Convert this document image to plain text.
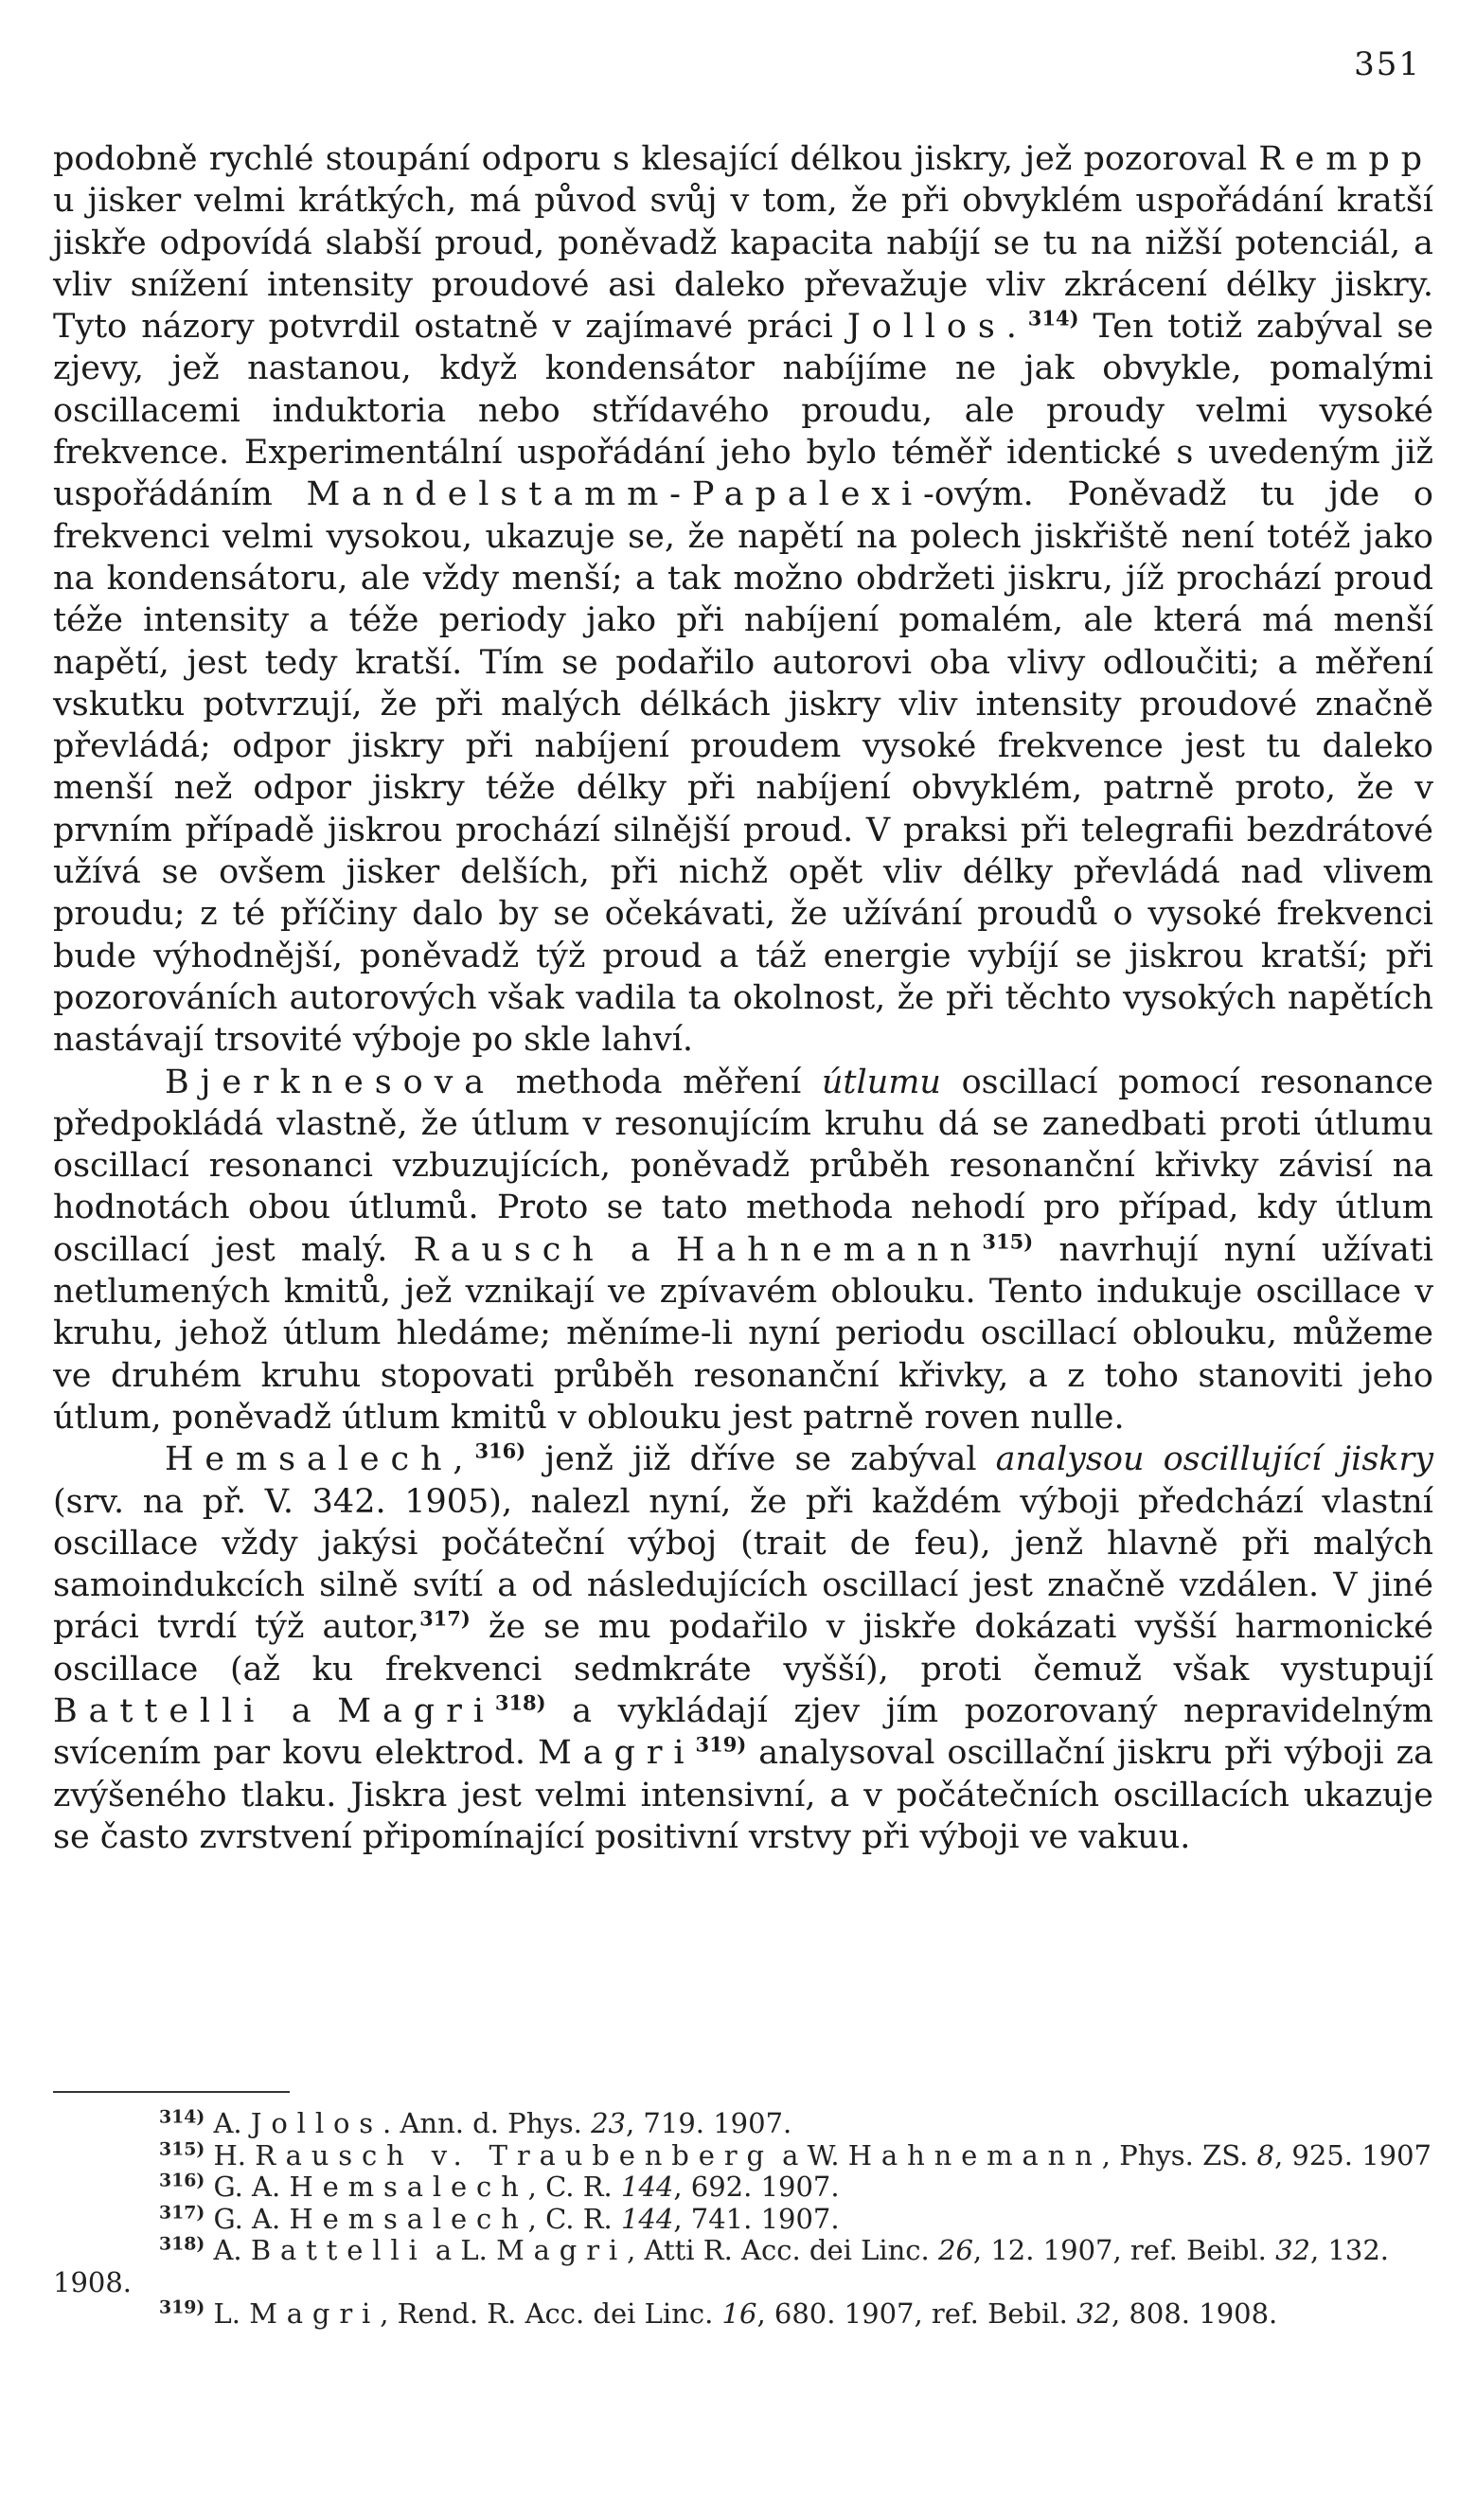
351

podobně rychlé stoupání odporu s klesající délkou jiskry, jež pozoroval Rempp u jisker velmi krátkých, má původ svůj v tom, že při obvyklém uspořádání kratší jiskře odpovídá slabší proud, poněvadž kapacita nabíjí se tu na nižší potenciál, a vliv snížení intensity proudové asi daleko převažuje vliv zkrácení délky jiskry. Tyto názory potvrdil ostatně v zajímavé práci Jollos.$^{314)}$ Ten totiž zabýval se zjevy, jež nastanou, když kondensátor nabíjíme ne jak obvykle, pomalými oscillacemi induktoria nebo střídavého proudu, ale proudy velmi vysoké frekvence. Experimentální uspořádání jeho bylo téměř identické s uvedeným již uspořádáním Mandelstamm-Papalexi-ovým. Poněvadž tu jde o frekvenci velmi vysokou, ukazuje se, že napětí na polech jiskřiště není totéž jako na kondensátoru, ale vždy menší; a tak možno obdržeti jiskru, jíž prochází proud téže intensity a téže periody jako při nabíjení pomalém, ale která má menší napětí, jest tedy kratší. Tím se podařilo autorovi oba vlivy odloučiti; a měření vskutku potvrzují, že při malých délkách jiskry vliv intensity proudové značně převládá; odpor jiskry při nabíjení proudem vysoké frekvence jest tu daleko menší než odpor jiskry téže délky při nabíjení obvyklém, patrně proto, že v prvním případě jiskrou prochází silnější proud. V praksi při telegrafii bezdrátové užívá se ovšem jisker delších, při nichž opět vliv délky převládá nad vlivem proudu; z té příčiny dalo by se očekávati, že užívání proudů o vysoké frekvenci bude výhodnější, poněvadž týž proud a táž energie vybíjí se jiskrou kratší; při pozorováních autorových však vadila ta okolnost, že při těchto vysokých napětích nastávají trsovité výboje po skle lahví.

Bjerknesova methoda měření útlumu oscillací pomocí resonance předpokládá vlastně, že útlum v resonujícím kruhu dá se zanedbati proti útlumu oscillací resonanci vzbuzujících, poněvadž průběh resonanční křivky závisí na hodnotách obou útlumů. Proto se tato methoda nehodí pro případ, kdy útlum oscillací jest malý. Rausch a Hahnemann$^{315)}$ navrhují nyní užívati netlumených kmitů, jež vznikají ve zpívavém oblouku. Tento indukuje oscillace v kruhu, jehož útlum hledáme; měníme-li nyní periodu oscillací oblouku, můžeme ve druhém kruhu stopovati průběh resonanční křivky, a z toho stanoviti jeho útlum, poněvadž útlum kmitů v oblouku jest patrně roven nulle.

Hemsalech,$^{316)}$ jenž již dříve se zabýval analysou oscillující jiskry (srv. na př. V. 342. 1905), nalezl nyní, že při každém výboji předchází vlastní oscillace vždy jakýsi počáteční výboj (trait de feu), jenž hlavně při malých samoindukcích silně svítí a od následujících oscillací jest značně vzdálen. V jiné práci tvrdí týž autor,$^{317)}$ že se mu podařilo v jiskře dokázati vyšší harmonické oscillace (až ku frekvenci sedmkráte vyšší), proti čemuž však vystupují Battelli a Magri$^{318)}$ a vykládají zjev jím pozorovaný nepravidelným svícením par kovu elektrod. Magri$^{319)}$ analysoval oscillační jiskru při výboji za zvýšeného tlaku. Jiskra jest velmi intensivní, a v počátečních oscillacích ukazuje se často zvrstvení připomínající positivní vrstvy při výboji ve vakuu.

$^{314)}$ A. Jollos. Ann. d. Phys. 23, 719. 1907.

$^{315)}$ H. Rausch v. Traubenberg a W. Hahnemann, Phys. ZS. 8, 925. 1907

$^{316)}$ G. A. Hemsalech, C. R. 144, 692. 1907.

$^{317)}$ G. A. Hemsalech, C. R. 144, 741. 1907.

$^{318)}$ A. Battelli a L. Magri, Atti R. Acc. dei Linc. 26, 12. 1907, ref. Beibl. 32, 132. 1908.

$^{319)}$ L. Magri, Rend. R. Acc. dei Linc. 16, 680. 1907, ref. Bebil. 32, 808. 1908.
